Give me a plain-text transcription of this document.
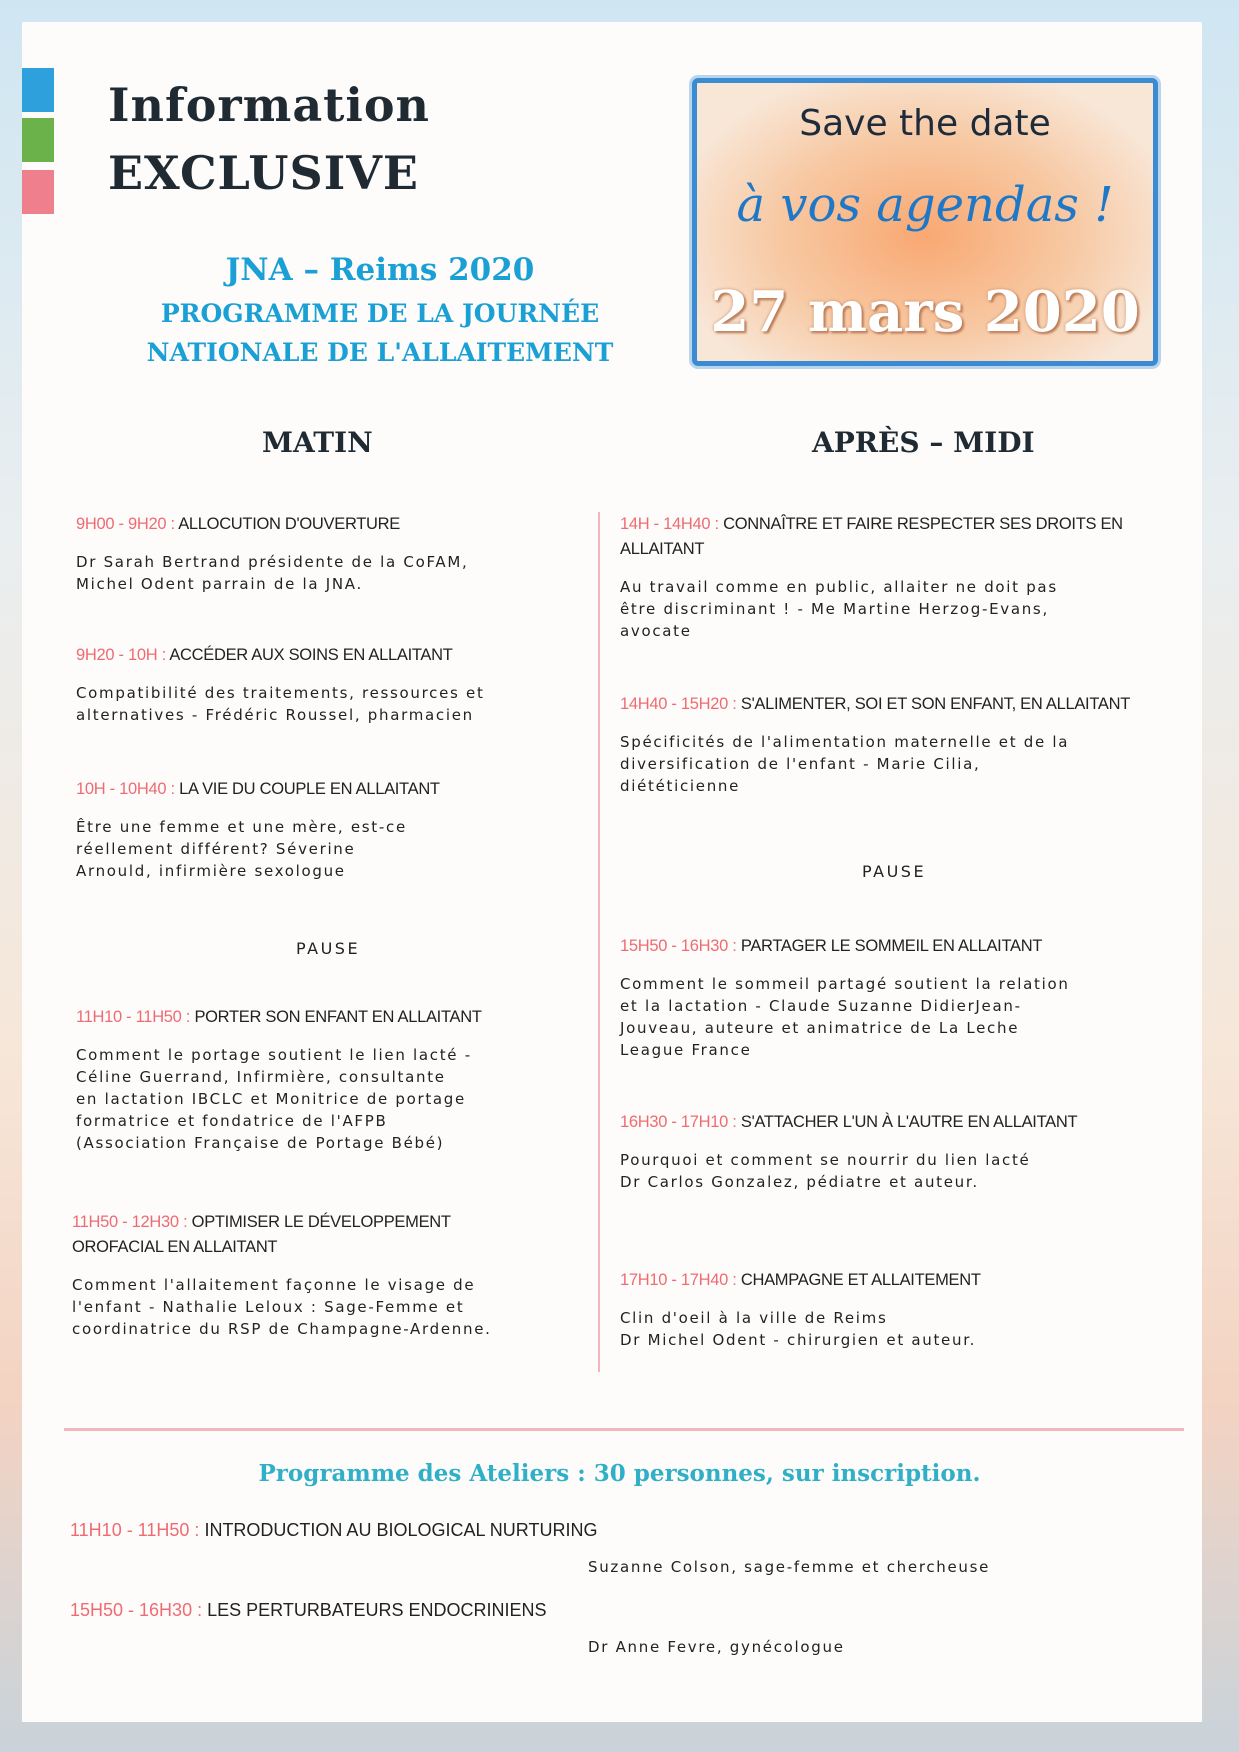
Information
EXCLUSIVE
JNA – Reims 2020
PROGRAMME DE LA JOURNÉE
NATIONALE DE L'ALLAITEMENT
Save the date
à vos agendas !
27 mars 2020
MATIN	APRÈS – MIDI
9H00 - 9H20 : ALLOCUTION D'OUVERTURE
Dr Sarah Bertrand présidente de la CoFAM,
Michel Odent parrain de la JNA.
9H20 - 10H : ACCÉDER AUX SOINS EN ALLAITANT
Compatibilité des traitements, ressources et
alternatives - Frédéric Roussel, pharmacien
10H - 10H40 : LA VIE DU COUPLE EN ALLAITANT
Être une femme et une mère, est-ce
réellement différent? Séverine
Arnould, infirmière sexologue
PAUSE
11H10 - 11H50 : PORTER SON ENFANT EN ALLAITANT
Comment le portage soutient le lien lacté -
Céline Guerrand, Infirmière, consultante
en lactation IBCLC et Monitrice de portage
formatrice et fondatrice de l'AFPB
(Association Française de Portage Bébé)
11H50 - 12H30 : OPTIMISER LE DÉVELOPPEMENT
OROFACIAL EN ALLAITANT
Comment l'allaitement façonne le visage de
l'enfant - Nathalie Leloux : Sage-Femme et
coordinatrice du RSP de Champagne-Ardenne.
14H - 14H40 : CONNAÎTRE ET FAIRE RESPECTER SES DROITS EN
ALLAITANT
Au travail comme en public, allaiter ne doit pas
être discriminant ! - Me Martine Herzog-Evans,
avocate
14H40 - 15H20 : S'ALIMENTER, SOI ET SON ENFANT, EN ALLAITANT
Spécificités de l'alimentation maternelle et de la
diversification de l'enfant - Marie Cilia,
diététicienne
PAUSE
15H50 - 16H30 : PARTAGER LE SOMMEIL EN ALLAITANT
Comment le sommeil partagé soutient la relation
et la lactation - Claude Suzanne DidierJean-
Jouveau, auteure et animatrice de La Leche
League France
16H30 - 17H10 : S'ATTACHER L'UN À L'AUTRE EN ALLAITANT
Pourquoi et comment se nourrir du lien lacté
Dr Carlos Gonzalez, pédiatre et auteur.
17H10 - 17H40 : CHAMPAGNE ET ALLAITEMENT
Clin d'oeil à la ville de Reims
Dr Michel Odent - chirurgien et auteur.
Programme des Ateliers : 30 personnes, sur inscription.
11H10 - 11H50 : INTRODUCTION AU BIOLOGICAL NURTURING
Suzanne Colson, sage-femme et chercheuse
15H50 - 16H30 : LES PERTURBATEURS ENDOCRINIENS
Dr Anne Fevre, gynécologue
